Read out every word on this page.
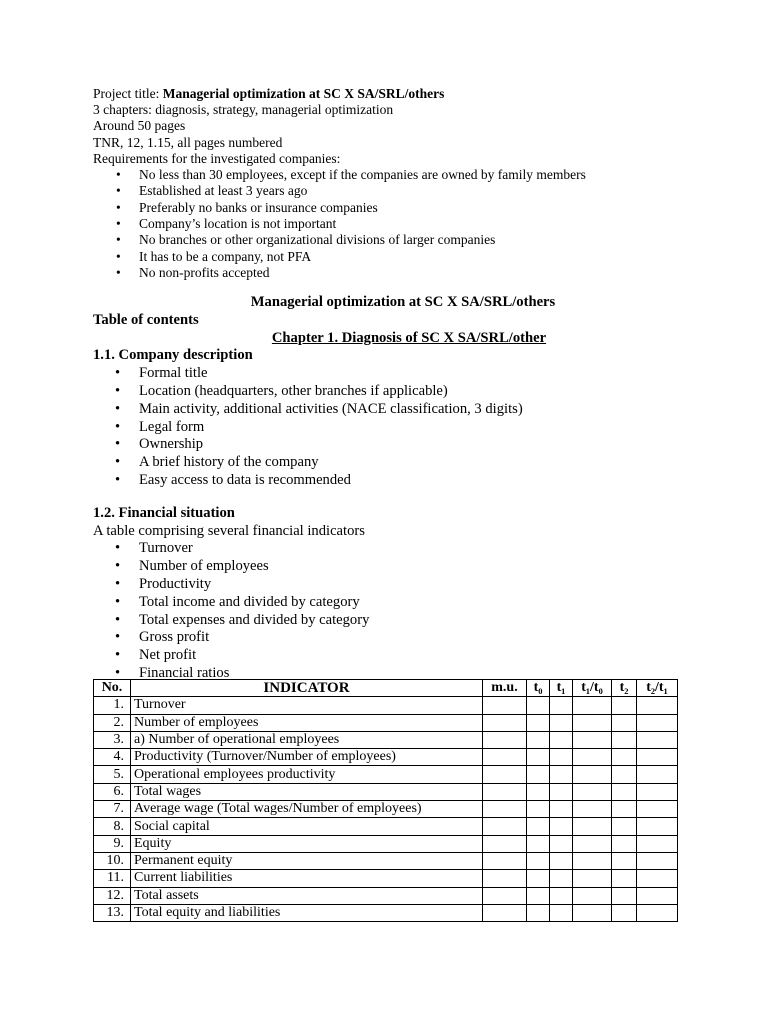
Project title: Managerial optimization at SC X SA/SRL/others

3 chapters: diagnosis, strategy, managerial optimization

Around 50 pages

TNR, 12, 1.15, all pages numbered

Requirements for the investigated companies:

• No less than 30 employees, except if the companies are owned by family members
• Established at least 3 years ago
• Preferably no banks or insurance companies
• Company’s location is not important
• No branches or other organizational divisions of larger companies
• It has to be a company, not PFA
• No non-profits accepted

Managerial optimization at SC X SA/SRL/others

Table of contents

Chapter 1. Diagnosis of SC X SA/SRL/other

1.1. Company description

• Formal title
• Location (headquarters, other branches if applicable)
• Main activity, additional activities (NACE classification, 3 digits)
• Legal form
• Ownership
• A brief history of the company
• Easy access to data is recommended

1.2. Financial situation

A table comprising several financial indicators

• Turnover
• Number of employees
• Productivity
• Total income and divided by category
• Total expenses and divided by category
• Gross profit
• Net profit
• Financial ratios
No.	INDICATOR	m.u.	t₀	t₁	t₁/t₀	t₂	t₂/t₁
1.	Turnover						
2.	Number of employees						
3.	a) Number of operational employees						
4.	Productivity (Turnover/Number of employees)						
5.	Operational employees productivity						
6.	Total wages						
7.	Average wage (Total wages/Number of employees)						
8.	Social capital						
9.	Equity						
10.	Permanent equity						
11.	Current liabilities						
12.	Total assets						
13.	Total equity and liabilities						
